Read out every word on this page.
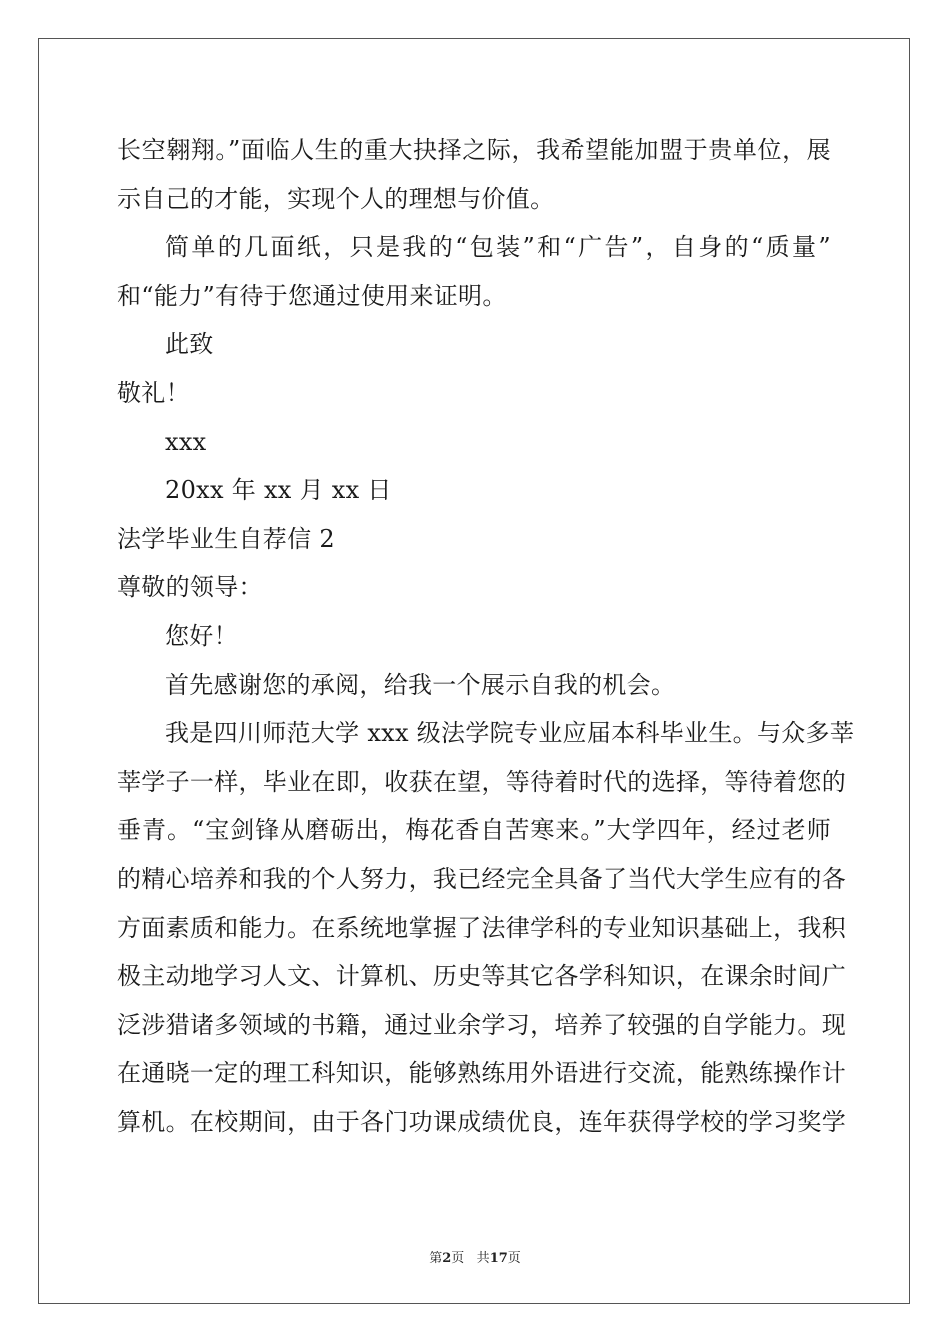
长空翱翔。”面临人生的重大抉择之际，我希望能加盟于贵单位，展
示自己的才能，实现个人的理想与价值。
简单的几面纸，只是我的“包装”和“广告”，自身的“质量”
和“能力”有待于您通过使用来证明。
此致
敬礼！
xxx
20xx 年 xx 月 xx 日
法学毕业生自荐信 2
尊敬的领导：
您好！
首先感谢您的承阅，给我一个展示自我的机会。
我是四川师范大学 xxx 级法学院专业应届本科毕业生。与众多莘
莘学子一样，毕业在即，收获在望，等待着时代的选择，等待着您的
垂青。“宝剑锋从磨砺出，梅花香自苦寒来。”大学四年，经过老师
的精心培养和我的个人努力，我已经完全具备了当代大学生应有的各
方面素质和能力。在系统地掌握了法律学科的专业知识基础上，我积
极主动地学习人文、计算机、历史等其它各学科知识，在课余时间广
泛涉猎诸多领域的书籍，通过业余学习，培养了较强的自学能力。现
在通晓一定的理工科知识，能够熟练用外语进行交流，能熟练操作计
算机。在校期间，由于各门功课成绩优良，连年获得学校的学习奖学
第2页 共17页
